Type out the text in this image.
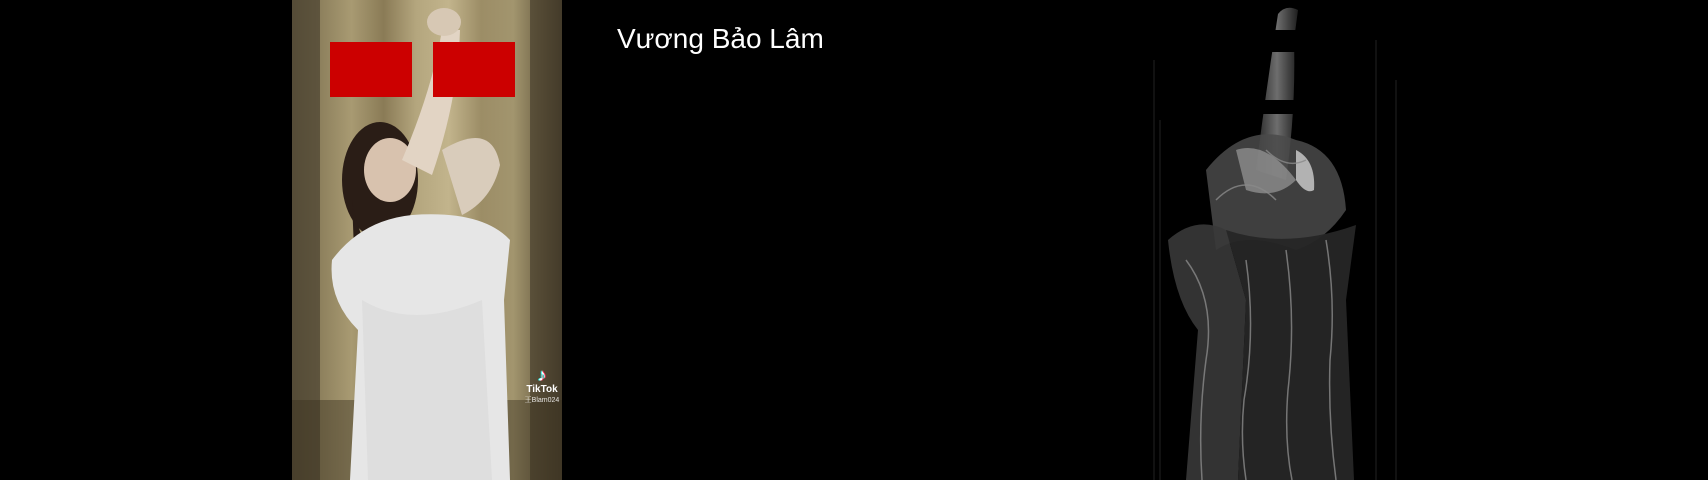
♪
TikTok
王Blam024
Vương Bảo Lâm
